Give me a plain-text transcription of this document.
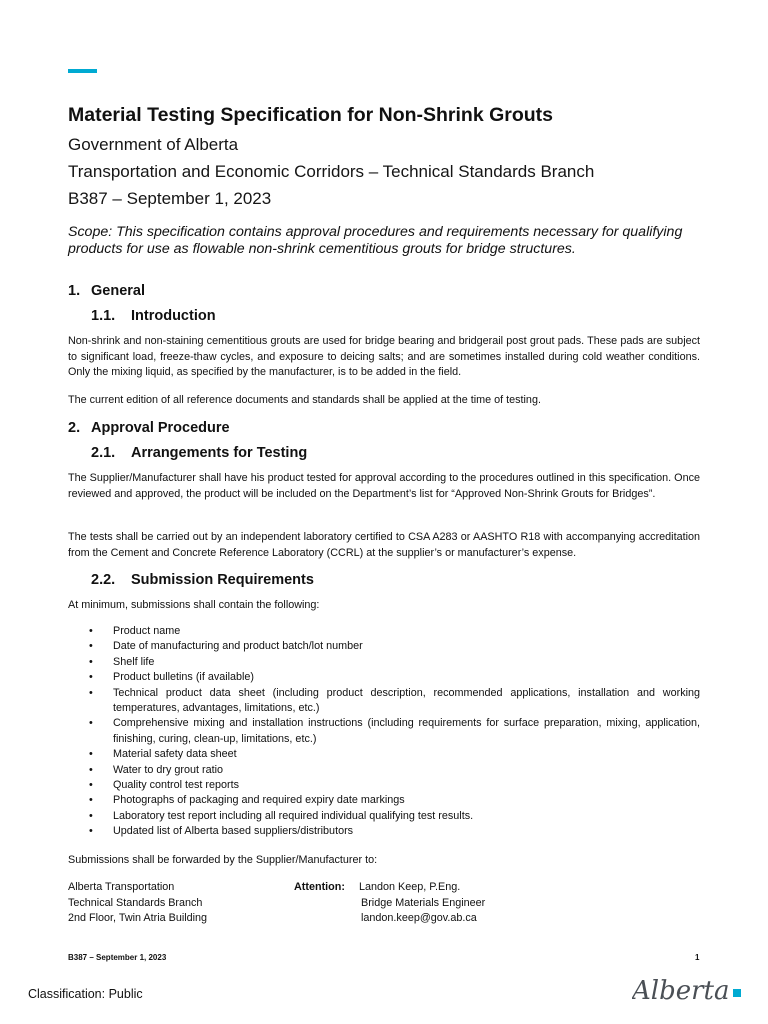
Material Testing Specification for Non-Shrink Grouts
Government of Alberta
Transportation and Economic Corridors – Technical Standards Branch
B387 – September 1, 2023
Scope: This specification contains approval procedures and requirements necessary for qualifying products for use as flowable non-shrink cementitious grouts for bridge structures.
1. General
1.1. Introduction

Non-shrink and non-staining cementitious grouts are used for bridge bearing and bridgerail post grout pads. These pads are subject to significant load, freeze-thaw cycles, and exposure to deicing salts; and are sometimes installed during cold weather conditions. Only the mixing liquid, as specified by the manufacturer, is to be added in the field.

The current edition of all reference documents and standards shall be applied at the time of testing.

2. Approval Procedure
2.1. Arrangements for Testing

The Supplier/Manufacturer shall have his product tested for approval according to the procedures outlined in this specification. Once reviewed and approved, the product will be included on the Department’s list for “Approved Non-Shrink Grouts for Bridges”.

The tests shall be carried out by an independent laboratory certified to CSA A283 or AASHTO R18 with accompanying accreditation from the Cement and Concrete Reference Laboratory (CCRL) at the supplier’s or manufacturer’s expense.

2.2. Submission Requirements

At minimum, submissions shall contain the following:

• Product name
• Date of manufacturing and product batch/lot number
• Shelf life
• Product bulletins (if available)
• Technical product data sheet (including product description, recommended applications, installation and working temperatures, advantages, limitations, etc.)
• Comprehensive mixing and installation instructions (including requirements for surface preparation, mixing, application, finishing, curing, clean-up, limitations, etc.)
• Material safety data sheet
• Water to dry grout ratio
• Quality control test reports
• Photographs of packaging and required expiry date markings
• Laboratory test report including all required individual qualifying test results.
• Updated list of Alberta based suppliers/distributors

Submissions shall be forwarded by the Supplier/Manufacturer to:

Alberta Transportation
Technical Standards Branch
2nd Floor, Twin Atria Building
Attention: Landon Keep, P.Eng.
Bridge Materials Engineer
landon.keep@gov.ab.ca
B387 – September 1, 2023	1
Classification: Public	Alberta
